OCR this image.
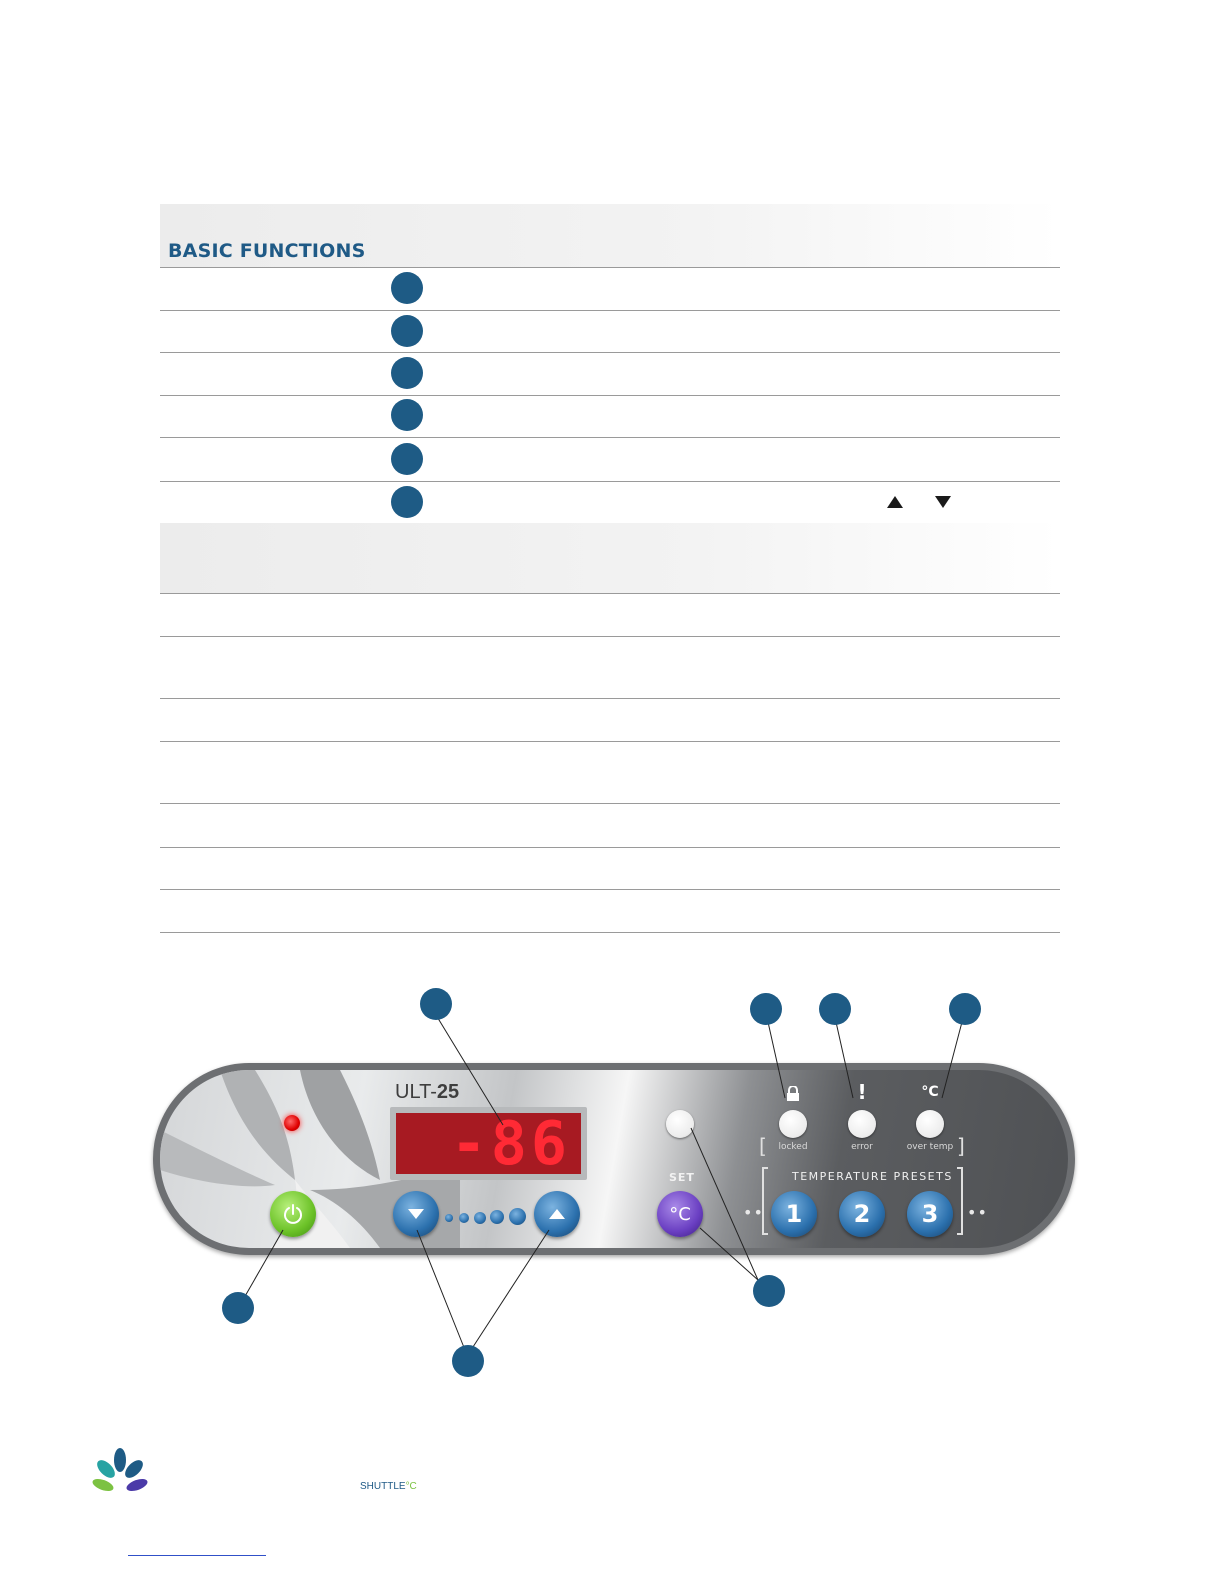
BASIC FUNCTIONS
ULT-25
-86	SET
°C
!	°C
[	locked	error	over temp ]
TEMPERATURE PRESETS
••	••
1	2	3
SHUTTLE°C
